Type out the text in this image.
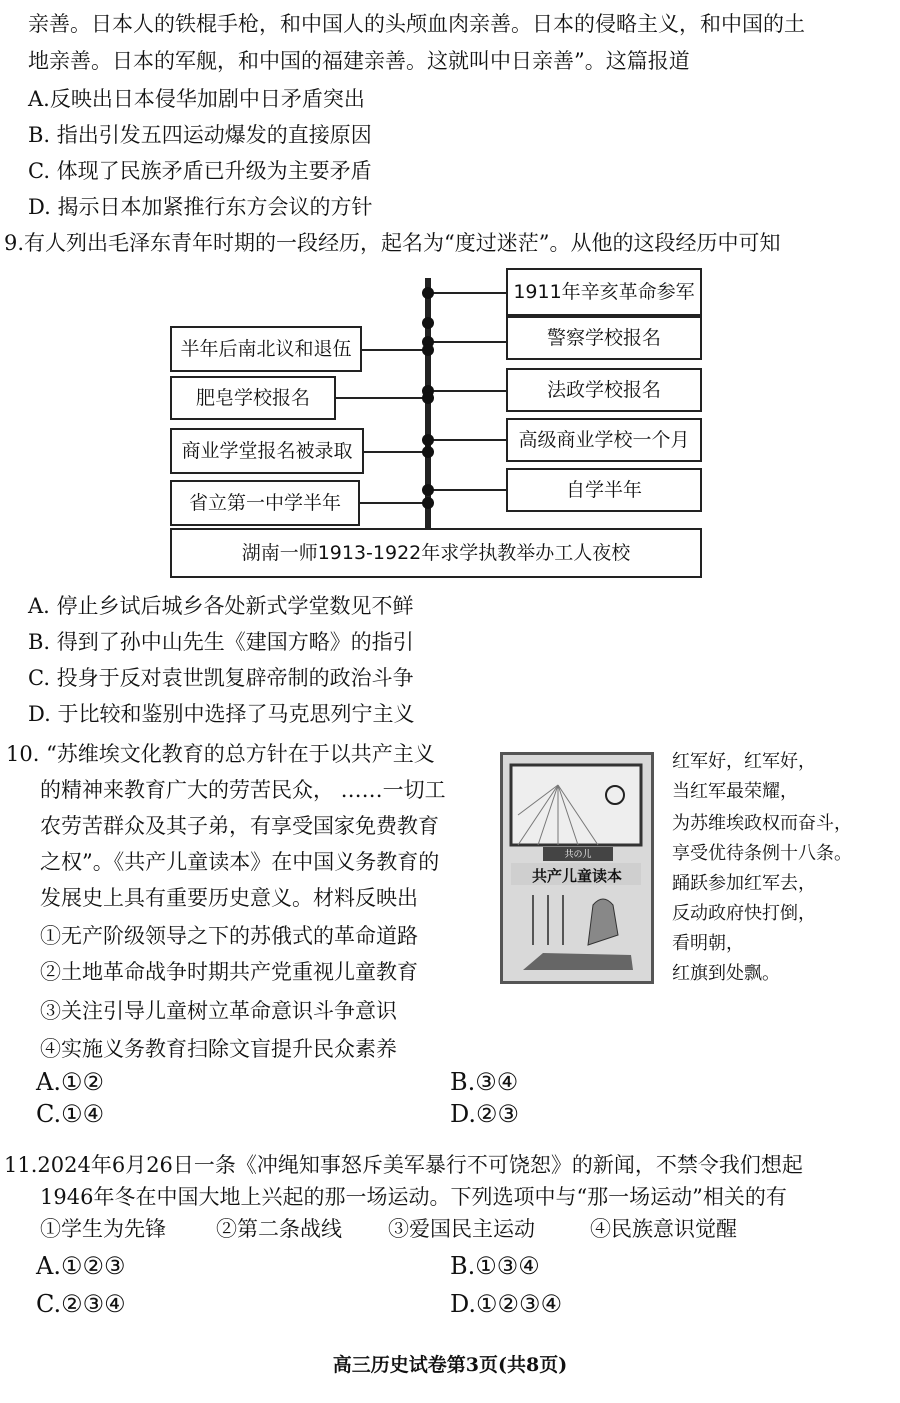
亲善。日本人的铁棍手枪，和中国人的头颅血肉亲善。日本的侵略主义，和中国的土
地亲善。日本的军舰，和中国的福建亲善。这就叫中日亲善”。这篇报道
A.反映出日本侵华加剧中日矛盾突出
B. 指出引发五四运动爆发的直接原因
C. 体现了民族矛盾已升级为主要矛盾
D. 揭示日本加紧推行东方会议的方针
9.有人列出毛泽东青年时期的一段经历，起名为“度过迷茫”。从他的这段经历中可知
1911年辛亥革命参军
警察学校报名
法政学校报名
高级商业学校一个月
自学半年
半年后南北议和退伍
肥皂学校报名
商业学堂报名被录取
省立第一中学半年
湖南一师1913-1922年求学执教举办工人夜校
A. 停止乡试后城乡各处新式学堂数见不鲜
B. 得到了孙中山先生《建国方略》的指引
C. 投身于反对袁世凯复辟帝制的政治斗争
D. 于比较和鉴别中选择了马克思列宁主义
10. “苏维埃文化教育的总方针在于以共产主义
的精神来教育广大的劳苦民众， ……一切工
农劳苦群众及其子弟，有享受国家免费教育
之权”。《共产儿童读本》在中国义务教育的
发展史上具有重要历史意义。材料反映出
①无产阶级领导之下的苏俄式的革命道路
②土地革命战争时期共产党重视儿童教育
③关注引导儿童树立革命意识斗争意识
④实施义务教育扫除文盲提升民众素养
共の儿
共产儿童读本
红军好，红军好，
当红军最荣耀，
为苏维埃政权而奋斗，
享受优待条例十八条。
踊跃参加红军去，
反动政府快打倒，
看明朝，
红旗到处飘。
A.①②	B.③④
C.①④	D.②③
11.2024年6月26日一条《冲绳知事怒斥美军暴行不可饶恕》的新闻，不禁令我们想起
1946年冬在中国大地上兴起的那一场运动。下列选项中与“那一场运动”相关的有
①学生为先锋 ②第二条战线 ③爱国民主运动	④民族意识觉醒
A.①②③	B.①③④
C.②③④	D.①②③④
高三历史试卷第3页(共8页)
